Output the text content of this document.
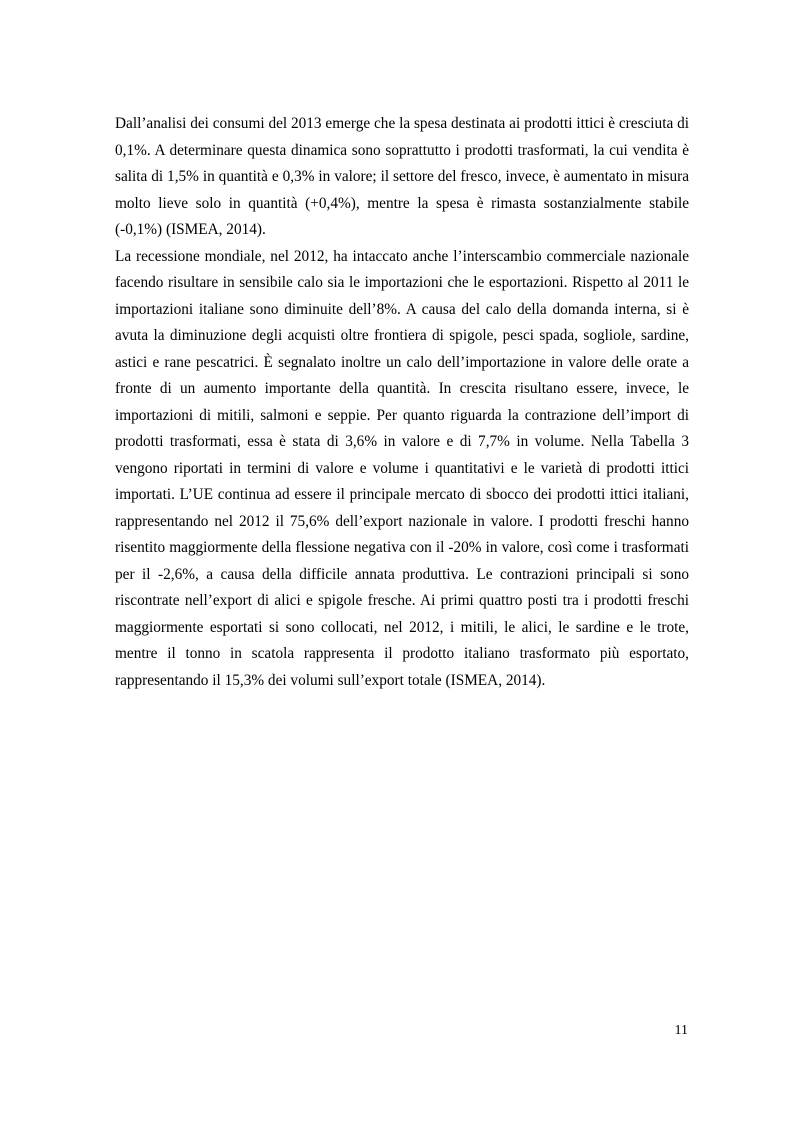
Dall’analisi dei consumi del 2013 emerge che la spesa destinata ai prodotti ittici è cresciuta di 0,1%. A determinare questa dinamica sono soprattutto i prodotti trasformati, la cui vendita è salita di 1,5% in quantità e 0,3% in valore; il settore del fresco, invece, è aumentato in misura molto lieve solo in quantità (+0,4%), mentre la spesa è rimasta sostanzialmente stabile (-0,1%) (ISMEA, 2014).

La recessione mondiale, nel 2012, ha intaccato anche l’interscambio commerciale nazionale facendo risultare in sensibile calo sia le importazioni che le esportazioni. Rispetto al 2011 le importazioni italiane sono diminuite dell’8%. A causa del calo della domanda interna, si è avuta la diminuzione degli acquisti oltre frontiera di spigole, pesci spada, sogliole, sardine, astici e rane pescatrici. È segnalato inoltre un calo dell’importazione in valore delle orate a fronte di un aumento importante della quantità. In crescita risultano essere, invece, le importazioni di mitili, salmoni e seppie. Per quanto riguarda la contrazione dell’import di prodotti trasformati, essa è stata di 3,6% in valore e di 7,7% in volume. Nella Tabella 3 vengono riportati in termini di valore e volume i quantitativi e le varietà di prodotti ittici importati. L’UE continua ad essere il principale mercato di sbocco dei prodotti ittici italiani, rappresentando nel 2012 il 75,6% dell’export nazionale in valore. I prodotti freschi hanno risentito maggiormente della flessione negativa con il -20% in valore, così come i trasformati per il -2,6%, a causa della difficile annata produttiva. Le contrazioni principali si sono riscontrate nell’export di alici e spigole fresche. Ai primi quattro posti tra i prodotti freschi maggiormente esportati si sono collocati, nel 2012, i mitili, le alici, le sardine e le trote, mentre il tonno in scatola rappresenta il prodotto italiano trasformato più esportato, rappresentando il 15,3% dei volumi sull’export totale (ISMEA, 2014).

11
